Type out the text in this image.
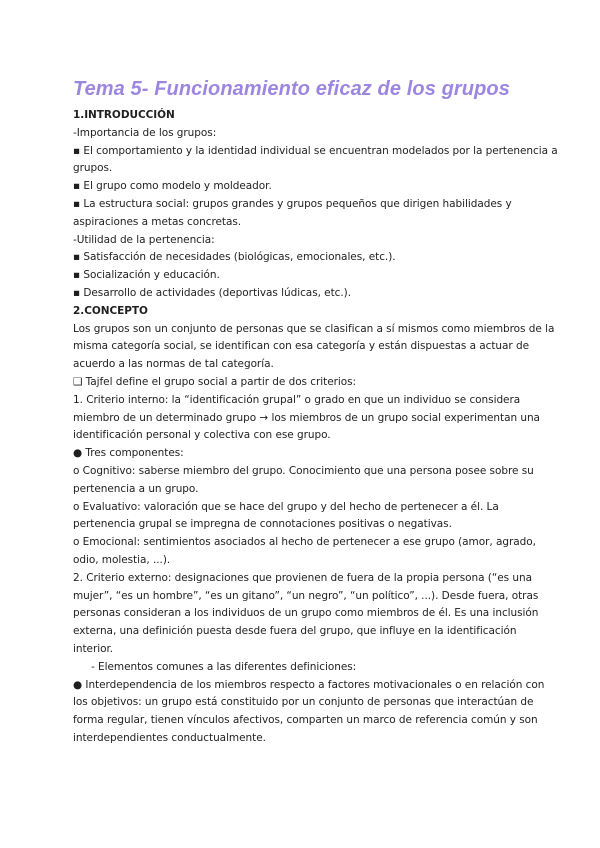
Tema 5- Funcionamiento eficaz de los grupos
1.INTRODUCCIÓN
-Importancia de los grupos:
▪ El comportamiento y la identidad individual se encuentran modelados por la pertenencia a
grupos.
▪ El grupo como modelo y moldeador.
▪ La estructura social: grupos grandes y grupos pequeños que dirigen habilidades y
aspiraciones a metas concretas.
-Utilidad de la pertenencia:
▪ Satisfacción de necesidades (biológicas, emocionales, etc.).
▪ Socialización y educación.
▪ Desarrollo de actividades (deportivas lúdicas, etc.).
2.CONCEPTO
Los grupos son un conjunto de personas que se clasifican a sí mismos como miembros de la
misma categoría social, se identifican con esa categoría y están dispuestas a actuar de
acuerdo a las normas de tal categoría.
❑ Tajfel define el grupo social a partir de dos criterios:
1. Criterio interno: la “identificación grupal” o grado en que un individuo se considera
miembro de un determinado grupo → los miembros de un grupo social experimentan una
identificación personal y colectiva con ese grupo.
● Tres componentes:
o Cognitivo: saberse miembro del grupo. Conocimiento que una persona posee sobre su
pertenencia a un grupo.
o Evaluativo: valoración que se hace del grupo y del hecho de pertenecer a él. La
pertenencia grupal se impregna de connotaciones positivas o negativas.
o Emocional: sentimientos asociados al hecho de pertenecer a ese grupo (amor, agrado,
odio, molestia, ...).
2. Criterio externo: designaciones que provienen de fuera de la propia persona (“es una
mujer”, “es un hombre”, “es un gitano”, “un negro”, “un político”, ...). Desde fuera, otras
personas consideran a los individuos de un grupo como miembros de él. Es una inclusión
externa, una definición puesta desde fuera del grupo, que influye en la identificación
interior.
- Elementos comunes a las diferentes definiciones:
● Interdependencia de los miembros respecto a factores motivacionales o en relación con
los objetivos: un grupo está constituido por un conjunto de personas que interactúan de
forma regular, tienen vínculos afectivos, comparten un marco de referencia común y son
interdependientes conductualmente.
